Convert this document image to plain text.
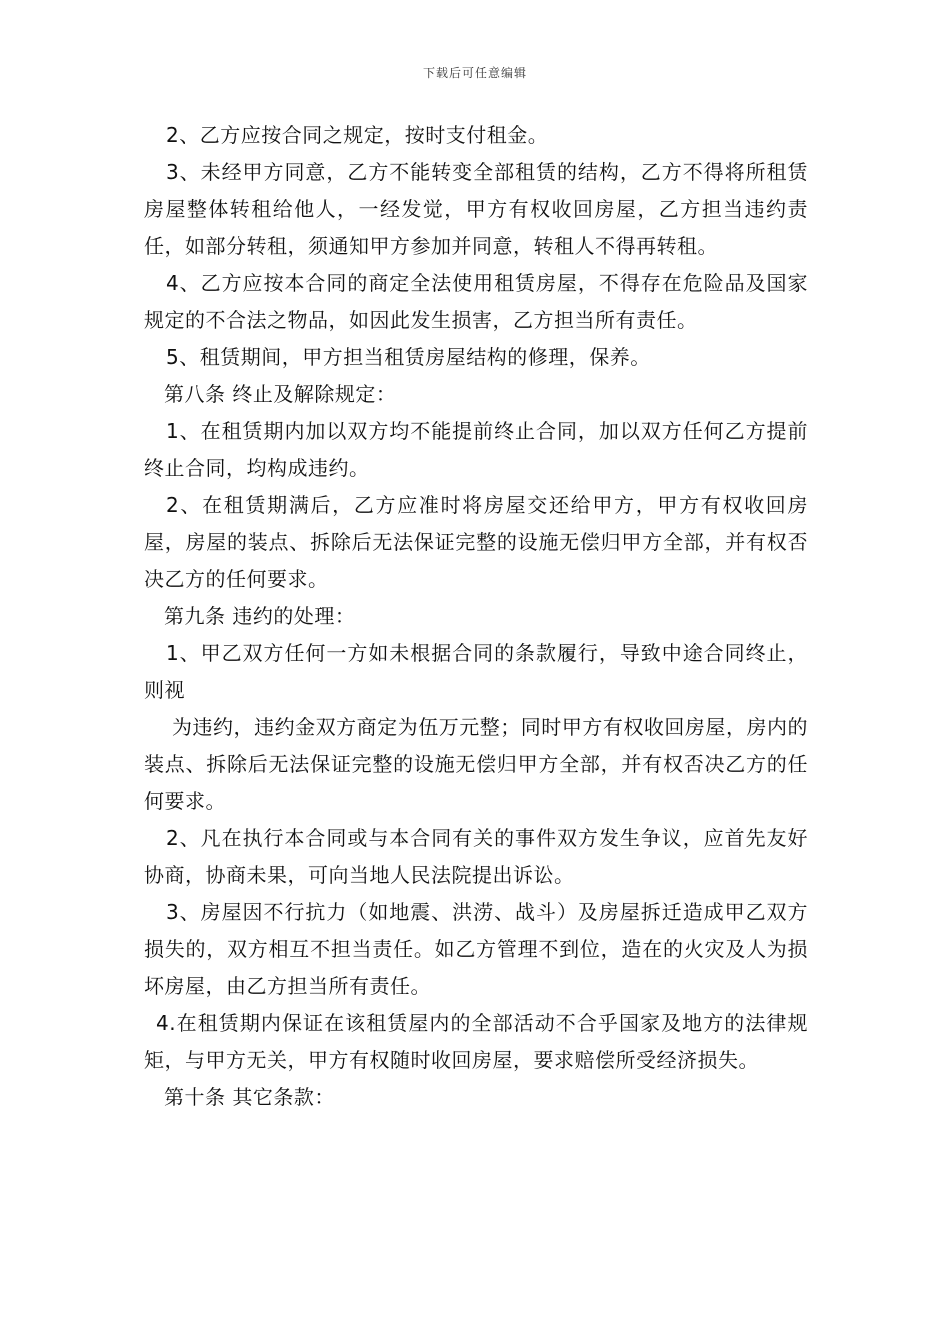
下载后可任意编辑

2、乙方应按合同之规定，按时支付租金。

3、未经甲方同意，乙方不能转变全部租赁的结构，乙方不得将所租赁房屋整体转租给他人，一经发觉，甲方有权收回房屋，乙方担当违约责任，如部分转租，须通知甲方参加并同意，转租人不得再转租。

4、乙方应按本合同的商定全法使用租赁房屋，不得存在危险品及国家规定的不合法之物品，如因此发生损害，乙方担当所有责任。

5、租赁期间，甲方担当租赁房屋结构的修理，保养。

第八条 终止及解除规定：

1、在租赁期内加以双方均不能提前终止合同，加以双方任何乙方提前终止合同，均构成违约。

2、在租赁期满后，乙方应准时将房屋交还给甲方，甲方有权收回房屋，房屋的装点、拆除后无法保证完整的设施无偿归甲方全部，并有权否决乙方的任何要求。

第九条 违约的处理：

1、甲乙双方任何一方如未根据合同的条款履行，导致中途合同终止，则视

为违约，违约金双方商定为伍万元整；同时甲方有权收回房屋，房内的装点、拆除后无法保证完整的设施无偿归甲方全部，并有权否决乙方的任何要求。

2、凡在执行本合同或与本合同有关的事件双方发生争议，应首先友好协商，协商未果，可向当地人民法院提出诉讼。

3、房屋因不行抗力（如地震、洪涝、战斗）及房屋拆迁造成甲乙双方损失的，双方相互不担当责任。如乙方管理不到位，造在的火灾及人为损坏房屋，由乙方担当所有责任。

4.在租赁期内保证在该租赁屋内的全部活动不合乎国家及地方的法律规矩，与甲方无关，甲方有权随时收回房屋，要求赔偿所受经济损失。

第十条 其它条款：
